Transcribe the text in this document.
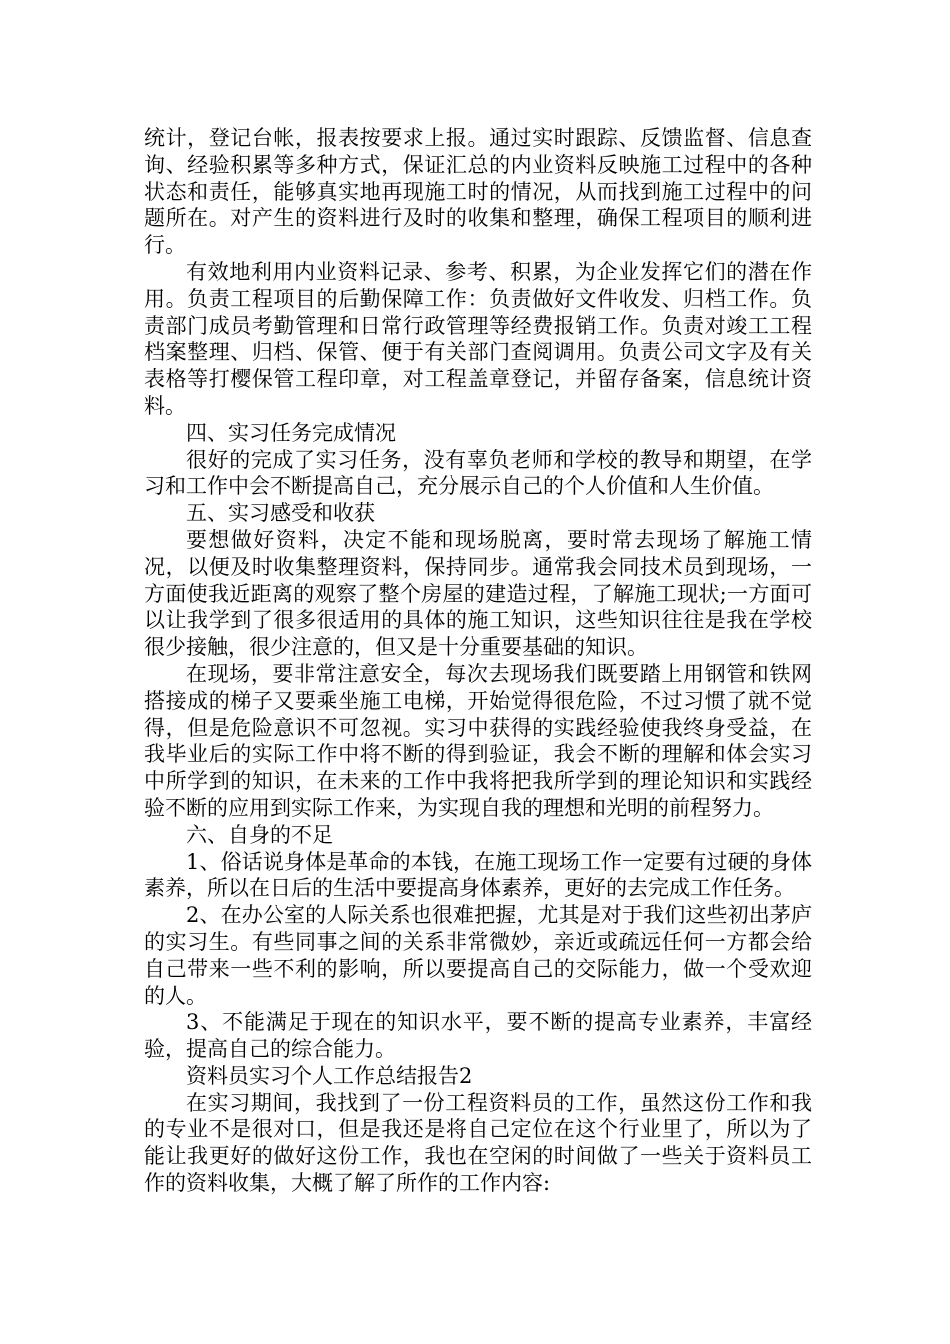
统计，登记台帐，报表按要求上报。通过实时跟踪、反馈监督、信息查询、经验积累等多种方式，保证汇总的内业资料反映施工过程中的各种状态和责任，能够真实地再现施工时的情况，从而找到施工过程中的问题所在。对产生的资料进行及时的收集和整理，确保工程项目的顺利进行。

有效地利用内业资料记录、参考、积累，为企业发挥它们的潜在作用。负责工程项目的后勤保障工作：负责做好文件收发、归档工作。负责部门成员考勤管理和日常行政管理等经费报销工作。负责对竣工工程档案整理、归档、保管、便于有关部门查阅调用。负责公司文字及有关表格等打樱保管工程印章，对工程盖章登记，并留存备案，信息统计资料。

四、实习任务完成情况

很好的完成了实习任务，没有辜负老师和学校的教导和期望，在学习和工作中会不断提高自己，充分展示自己的个人价值和人生价值。

五、实习感受和收获

要想做好资料，决定不能和现场脱离，要时常去现场了解施工情况，以便及时收集整理资料，保持同步。通常我会同技术员到现场，一方面使我近距离的观察了整个房屋的建造过程，了解施工现状;一方面可以让我学到了很多很适用的具体的施工知识，这些知识往往是我在学校很少接触，很少注意的，但又是十分重要基础的知识。

在现场，要非常注意安全，每次去现场我们既要踏上用钢管和铁网搭接成的梯子又要乘坐施工电梯，开始觉得很危险，不过习惯了就不觉得，但是危险意识不可忽视。实习中获得的实践经验使我终身受益，在我毕业后的实际工作中将不断的得到验证，我会不断的理解和体会实习中所学到的知识，在未来的工作中我将把我所学到的理论知识和实践经验不断的应用到实际工作来，为实现自我的理想和光明的前程努力。

六、自身的不足

1、俗话说身体是革命的本钱，在施工现场工作一定要有过硬的身体素养，所以在日后的生活中要提高身体素养，更好的去完成工作任务。

2、在办公室的人际关系也很难把握，尤其是对于我们这些初出茅庐的实习生。有些同事之间的关系非常微妙，亲近或疏远任何一方都会给自己带来一些不利的影响，所以要提高自己的交际能力，做一个受欢迎的人。

3、不能满足于现在的知识水平，要不断的提高专业素养，丰富经验，提高自己的综合能力。

资料员实习个人工作总结报告2

在实习期间，我找到了一份工程资料员的工作，虽然这份工作和我的专业不是很对口，但是我还是将自己定位在这个行业里了，所以为了能让我更好的做好这份工作，我也在空闲的时间做了一些关于资料员工作的资料收集，大概了解了所作的工作内容:
